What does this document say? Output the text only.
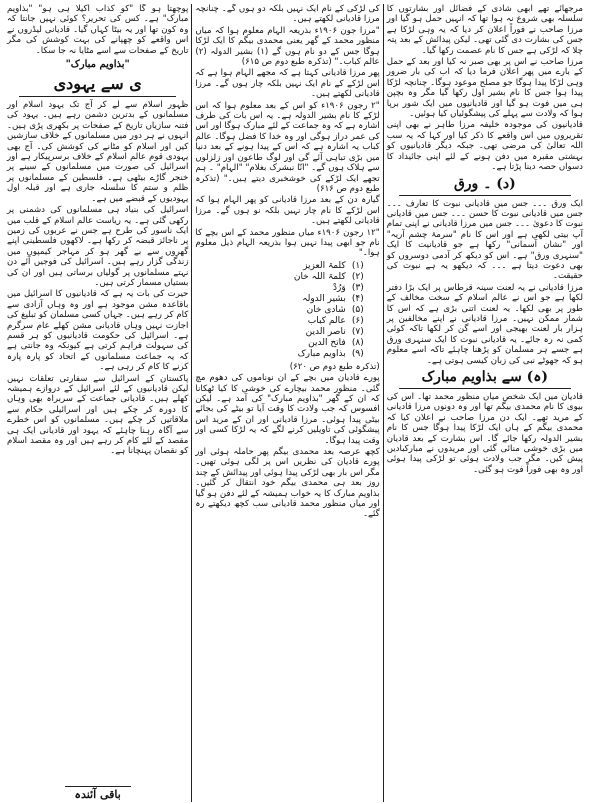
مرجھائے تھے ابھی شادی کے فضائل اور بشارتوں کا سلسلہ بھی شروع نہ ہوا تھا کہ انہیں حمل ہو گیا اور مرزا صاحب نے فوراً اعلان کر دیا کہ یہ وہی لڑکا ہے جس کی بشارت دی گئی تھی۔ لیکن پیدائش کے بعد پتہ چلا کہ لڑکی ہے جس کا نام عصمت رکھا گیا۔

مرزا صاحب نے اس پر بھی صبر نہ کیا اور بعد کے حمل کے بارے میں پھر اعلان فرما دیا کہ اب کی بار ضرور وہی لڑکا پیدا ہوگا جو مصلح موعود ہوگا۔ چنانچہ لڑکا پیدا ہوا جس کا نام بشیر اول رکھا گیا مگر وہ بچپن ہی میں فوت ہو گیا اور قادیانیوں میں ایک شور برپا ہوا کہ ولادت سے پہلے کی پیشگوئیاں کیا ہوئیں۔

قادیانیوں کی موجودہ خلیفہ مرزا طاہر نے بھی اپنی تقریروں میں اس واقعے کا ذکر کیا اور کہا کہ یہ سب اللہ تعالیٰ کی مرضی تھی۔ جبکہ دیگر قادیانیوں کو بہشتی مقبرہ میں دفن ہونے کے لئے اپنی جائیداد کا دسواں حصہ دینا پڑتا ہے۔

(د) ۔ ورق

ایک ورق ۔۔۔ جس میں قادیانی نبوت کا تعارف ۔۔۔ جس میں قادیانی نبوت کا حسن ۔۔۔ جس میں قادیانی نبوت کا دعویٰ ۔۔۔ جس میں مرزا قادیانی نے اپنی تمام آپ بیتی لکھی ہے اور اس کا نام "سرمۂ چشم آریہ" اور "نشان آسمانی" رکھا ہے جو قادیانیت کا ایک "سنہری ورق" ہے۔ اس کو دیکھ کر آدمی دوسروں کو بھی دعوت دیتا ہے ۔۔۔ کہ دیکھو یہ ہے نبوت کی حقیقت۔

مرزا قادیانی نے یہ لعنت سینہ قرطاس پر ایک بڑا دفتر لکھا ہے جو اس نے عالم اسلام کے سخت مخالف کے طور پر بھی لکھا۔ یہ لعنت اتنی بڑی ہے کہ اس کا شمار ممکن نہیں۔ مرزا قادیانی نے اپنے مخالفین پر ہزار بار لعنت بھیجی اور اسے گن کر لکھا تاکہ کوئی کمی نہ رہ جائے۔ یہ قادیانی نبوت کا ایک سنہری ورق ہے جسے ہر مسلمان کو پڑھنا چاہئے تاکہ اسے معلوم ہو کہ جھوٹے نبی کی زبان کیسی ہوتی ہے۔

(ہ) سے بذاویم مبارک

قادیان میں ایک شخص میاں منظور محمد تھا۔ اس کی بیوی کا نام محمدی بیگم تھا اور وہ دونوں مرزا قادیانی کے مرید تھے۔ ایک دن مرزا صاحب نے اعلان کیا کہ محمدی بیگم کے ہاں ایک لڑکا پیدا ہوگا جس کا نام بشیر الدولہ رکھا جائے گا۔ اس بشارت کے بعد قادیان میں بڑی خوشی منائی گئی اور مریدوں نے مبارکبادیں پیش کیں۔ مگر جب ولادت ہوئی تو لڑکی پیدا ہوئی اور وہ بھی فوراً فوت ہو گئی۔

کی لڑکی کے نام ایک نہیں بلکہ دو ہوں گے۔ چنانچہ مرزا قادیانی لکھتے ہیں۔

"مرزا جون ۱۹۰۶ء بذریعہ الہام معلوم ہوا کہ میاں منظور محمد کے گھر یعنی محمدی بیگم کا ایک لڑکا ہوگا جس کے دو نام ہوں گے (۱) بشیر الدولہ (۲) عالم کباب۔" (تذکرہ طبع دوم ص ۶۱۵)

پھر مرزا قادیانی کہتا ہے کہ مجھے الہام ہوا ہے کہ اس لڑکے کے نام ایک نہیں بلکہ چار ہوں گے۔ مرزا قادیانی لکھتے ہیں۔

"۲ رجون ۱۹۰۶ء کو اس کے بعد معلوم ہوا کہ اس لڑکے کا نام بشیر الدولہ ہے۔ یہ اس بات کی طرف اشارہ ہے کہ وہ جماعت کے لئے مبارک ہوگا اور اس کی عمر دراز ہوگی اور وہ خدا کا فضل ہوگا۔ عالم کباب یہ اشارہ ہے کہ اس کے پیدا ہونے کے بعد دنیا میں بڑی تباہی آئے گی اور لوگ طاعون اور زلزلوں سے ہلاک ہوں گے۔ "انّا نبشرک بغلام" "الہام" ۔ ہم تجھے ایک لڑکے کی خوشخبری دیتے ہیں۔" (تذکرہ طبع دوم ص ۶۱۶)

گیارہ دن کے بعد مرزا قادیانی کو پھر الہام ہوا کہ اس لڑکے کا نام چار نہیں بلکہ نو ہوں گے۔ مرزا قادیانی لکھتے ہیں۔

"۱۲ رجون ۱۹۰۶ء میاں منظور محمد کے اس بچے کا نام جو ابھی پیدا نہیں ہوا بذریعہ الہام ذیل معلوم ہوا۔"

(۱)
کلمۃ العزیز
(۲)
کلمۃ اللہ خان
(۳)
وَرُدْ
(۴)
بشیر الدولہ
(۵)
شادی خان
(۶)
عالم کباب
(۷)
ناصر الدین
(۸)
فاتح الدین
(۹)
بذاویم مبارک

(تذکرہ طبع دوم ص ۶۲۰)

پورے قادیان میں بچے کے ان نوناموں کی دھوم مچ گئی۔ منظور محمد بیچارے کی خوشی کا کیا ٹھکانا کہ ان کے گھر "بذاویم مبارک" کی آمد ہے۔ لیکن افسوس کہ جب ولادت کا وقت آیا تو بیٹے کی بجائے بیٹی پیدا ہوئی۔ مرزا قادیانی اور ان کے مرید اس پیشگوئی کی تاویلیں کرنے لگے کہ یہ لڑکا کسی اور وقت پیدا ہوگا۔

کچھ عرصہ بعد محمدی بیگم پھر حاملہ ہوئی اور پورے قادیان کی نظریں اس پر لگی ہوئی تھیں۔ مگر اس بار بھی لڑکی پیدا ہوئی اور پیدائش کے چند روز بعد ہی محمدی بیگم خود انتقال کر گئیں۔ بذاویم مبارک کا یہ خواب ہمیشہ کے لئے دفن ہو گیا اور میاں منظور محمد قادیانی سب کچھ دیکھتے رہ گئے۔

پوچھتا ہو گا "کو کذاب اکیلا ہی ہو" "بذاویم مبارک" ہے۔ کس کی تحریر؟ کوئی نہیں جانتا کہ وہ کون تھا اور یہ بیٹا کہاں گیا۔ قادیانی لیڈروں نے اس واقعے کو چھپانے کی بہت کوشش کی مگر تاریخ کے صفحات سے اسے مٹایا نہ جا سکا۔

"بذاویم مبارک"
ی سے یہودی

ظہور اسلام سے لے کر آج تک یہود اسلام اور مسلمانوں کے بدترین دشمن رہے ہیں۔ یہود کی فتنہ سازیاں تاریخ کے صفحات پر بکھری پڑی ہیں۔ انہوں نے ہر دور میں مسلمانوں کے خلاف سازشیں کیں اور اسلام کو مٹانے کی کوشش کی۔ آج بھی یہودی قوم عالم اسلام کے خلاف برسرپیکار ہے اور اسرائیل کی صورت میں مسلمانوں کے سینے پر خنجر گاڑے بیٹھی ہے۔ فلسطین کے مسلمانوں پر ظلم و ستم کا سلسلہ جاری ہے اور قبلہ اول یہودیوں کے قبضے میں ہے۔

اسرائیل کی بنیاد ہی مسلمانوں کی دشمنی پر رکھی گئی ہے۔ یہ ریاست عالم اسلام کے قلب میں ایک ناسور کی طرح ہے جس نے عربوں کی زمین پر ناجائز قبضہ کر رکھا ہے۔ لاکھوں فلسطینی اپنے گھروں سے بے گھر ہو کر مہاجر کیمپوں میں زندگی گزار رہے ہیں۔ اسرائیل کی فوجیں آئے دن نہتے مسلمانوں پر گولیاں برساتی ہیں اور ان کی بستیاں مسمار کرتی ہیں۔

حیرت کی بات یہ ہے کہ قادیانیوں کا اسرائیل میں باقاعدہ مشن موجود ہے اور وہ وہاں آزادی سے کام کر رہے ہیں۔ جہاں کسی مسلمان کو تبلیغ کی اجازت نہیں وہاں قادیانی مشن کھلے عام سرگرم ہے۔ اسرائیل کی حکومت قادیانیوں کو ہر قسم کی سہولت فراہم کرتی ہے کیونکہ وہ جانتی ہے کہ یہ جماعت مسلمانوں کے اتحاد کو پارہ پارہ کرنے کا کام کر رہی ہے۔

پاکستان کے اسرائیل سے سفارتی تعلقات نہیں لیکن قادیانیوں کے لئے اسرائیل کے دروازے ہمیشہ کھلے ہیں۔ قادیانی جماعت کے سربراہ بھی وہاں کا دورہ کر چکے ہیں اور اسرائیلی حکام سے ملاقاتیں کر چکے ہیں۔ مسلمانوں کو اس خطرے سے آگاہ رہنا چاہئے کہ یہود اور قادیانی ایک ہی مقصد کے لئے کام کر رہے ہیں اور وہ مقصد اسلام کو نقصان پہنچانا ہے۔

باقی آئندہ
